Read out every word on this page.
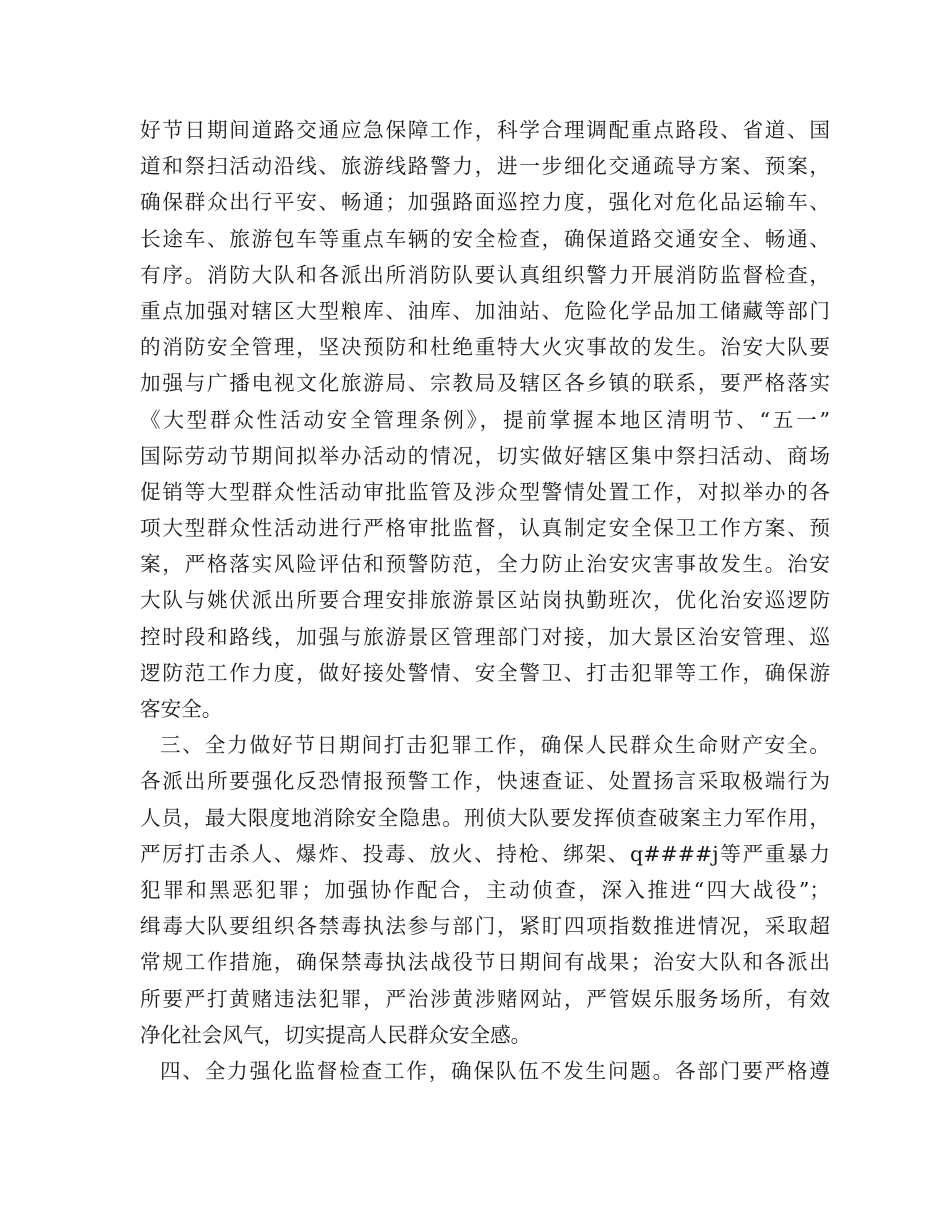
好节日期间道路交通应急保障工作，科学合理调配重点路段、省道、国
道和祭扫活动沿线、旅游线路警力，进一步细化交通疏导方案、预案，
确保群众出行平安、畅通；加强路面巡控力度，强化对危化品运输车、
长途车、旅游包车等重点车辆的安全检查，确保道路交通安全、畅通、
有序。消防大队和各派出所消防队要认真组织警力开展消防监督检查，
重点加强对辖区大型粮库、油库、加油站、危险化学品加工储藏等部门
的消防安全管理，坚决预防和杜绝重特大火灾事故的发生。治安大队要
加强与广播电视文化旅游局、宗教局及辖区各乡镇的联系，要严格落实
《大型群众性活动安全管理条例》，提前掌握本地区清明节、“五一”
国际劳动节期间拟举办活动的情况，切实做好辖区集中祭扫活动、商场
促销等大型群众性活动审批监管及涉众型警情处置工作，对拟举办的各
项大型群众性活动进行严格审批监督，认真制定安全保卫工作方案、预
案，严格落实风险评估和预警防范，全力防止治安灾害事故发生。治安
大队与姚伏派出所要合理安排旅游景区站岗执勤班次，优化治安巡逻防
控时段和路线，加强与旅游景区管理部门对接，加大景区治安管理、巡
逻防范工作力度，做好接处警情、安全警卫、打击犯罪等工作，确保游
客安全。
三、全力做好节日期间打击犯罪工作，确保人民群众生命财产安全。
各派出所要强化反恐情报预警工作，快速查证、处置扬言采取极端行为
人员，最大限度地消除安全隐患。刑侦大队要发挥侦查破案主力军作用，
严厉打击杀人、爆炸、投毒、放火、持枪、绑架、q####j等严重暴力
犯罪和黑恶犯罪；加强协作配合，主动侦查，深入推进“四大战役”；
缉毒大队要组织各禁毒执法参与部门，紧盯四项指数推进情况，采取超
常规工作措施，确保禁毒执法战役节日期间有战果；治安大队和各派出
所要严打黄赌违法犯罪，严治涉黄涉赌网站，严管娱乐服务场所，有效
净化社会风气，切实提高人民群众安全感。
四、全力强化监督检查工作，确保队伍不发生问题。各部门要严格遵
